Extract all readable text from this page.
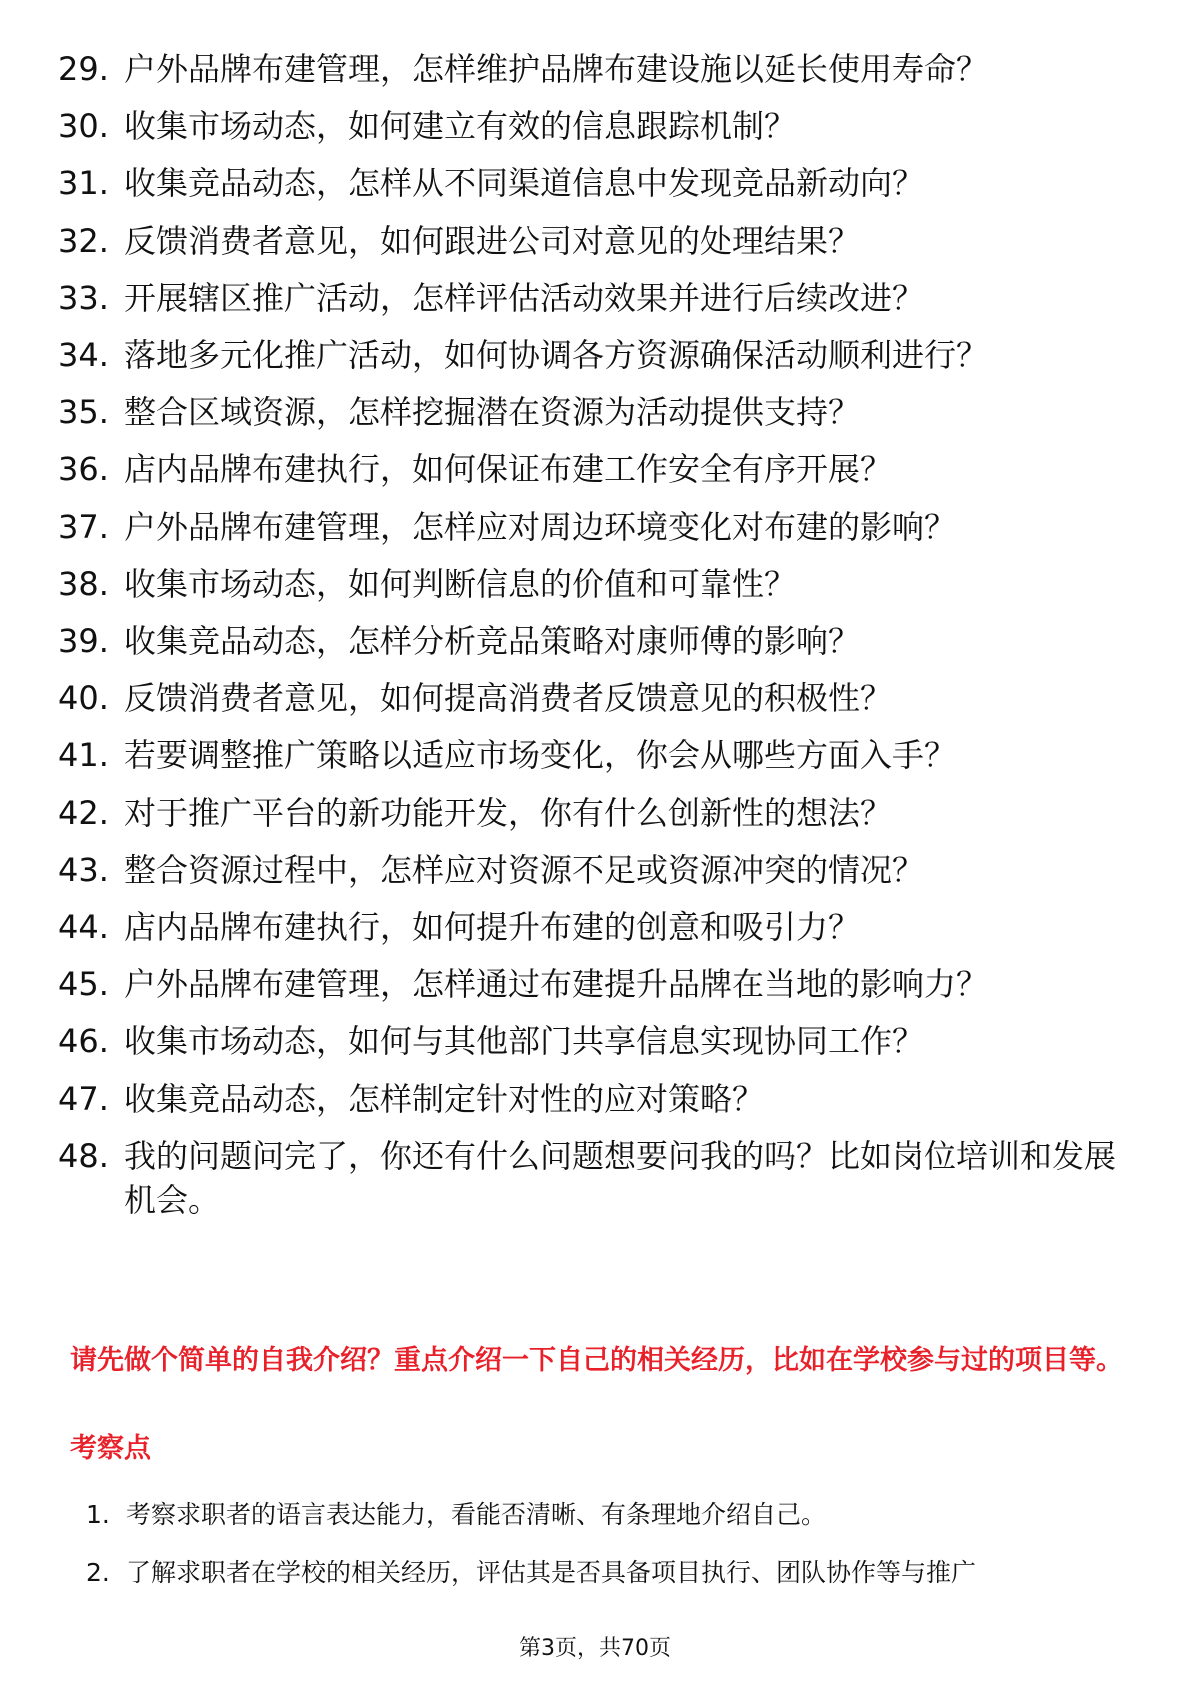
29. 户外品牌布建管理，怎样维护品牌布建设施以延长使用寿命？
30. 收集市场动态，如何建立有效的信息跟踪机制？
31. 收集竞品动态，怎样从不同渠道信息中发现竞品新动向？
32. 反馈消费者意见，如何跟进公司对意见的处理结果？
33. 开展辖区推广活动，怎样评估活动效果并进行后续改进？
34. 落地多元化推广活动，如何协调各方资源确保活动顺利进行？
35. 整合区域资源，怎样挖掘潜在资源为活动提供支持？
36. 店内品牌布建执行，如何保证布建工作安全有序开展？
37. 户外品牌布建管理，怎样应对周边环境变化对布建的影响？
38. 收集市场动态，如何判断信息的价值和可靠性？
39. 收集竞品动态，怎样分析竞品策略对康师傅的影响？
40. 反馈消费者意见，如何提高消费者反馈意见的积极性？
41. 若要调整推广策略以适应市场变化，你会从哪些方面入手？
42. 对于推广平台的新功能开发，你有什么创新性的想法？
43. 整合资源过程中，怎样应对资源不足或资源冲突的情况？
44. 店内品牌布建执行，如何提升布建的创意和吸引力？
45. 户外品牌布建管理，怎样通过布建提升品牌在当地的影响力？
46. 收集市场动态，如何与其他部门共享信息实现协同工作？
47. 收集竞品动态，怎样制定针对性的应对策略？
48. 我的问题问完了，你还有什么问题想要问我的吗？比如岗位培训和发展机会。
请先做个简单的自我介绍？重点介绍一下自己的相关经历，比如在学校参与过的项目等。
考察点
1. 考察求职者的语言表达能力，看能否清晰、有条理地介绍自己。
2. 了解求职者在学校的相关经历，评估其是否具备项目执行、团队协作等与推广
第3页，共70页
